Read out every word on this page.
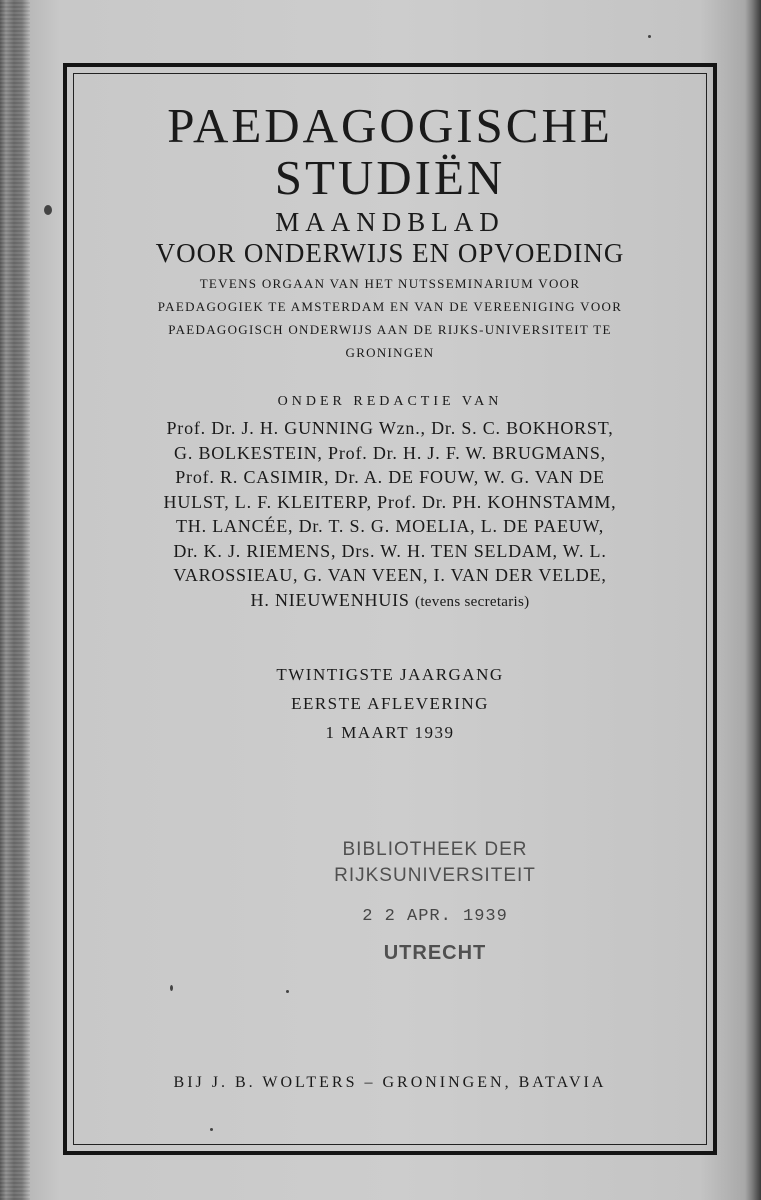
PAEDAGOGISCHE
STUDIËN
MAANDBLAD
VOOR ONDERWIJS EN OPVOEDING
TEVENS ORGAAN VAN HET NUTSSEMINARIUM VOOR
PAEDAGOGIEK TE AMSTERDAM EN VAN DE VEREENIGING VOOR
PAEDAGOGISCH ONDERWIJS AAN DE RIJKS-UNIVERSITEIT TE
GRONINGEN
ONDER REDACTIE VAN
Prof. Dr. J. H. GUNNING Wzn., Dr. S. C. BOKHORST,
G. BOLKESTEIN, Prof. Dr. H. J. F. W. BRUGMANS,
Prof. R. CASIMIR, Dr. A. DE FOUW, W. G. VAN DE
HULST, L. F. KLEITERP, Prof. Dr. PH. KOHNSTAMM,
TH. LANCÉE, Dr. T. S. G. MOELIA, L. DE PAEUW,
Dr. K. J. RIEMENS, Drs. W. H. TEN SELDAM, W. L.
VAROSSIEAU, G. VAN VEEN, I. VAN DER VELDE,
H. NIEUWENHUIS (tevens secretaris)
TWINTIGSTE JAARGANG
EERSTE AFLEVERING
1 MAART 1939
BIBLIOTHEEK DER
RIJKSUNIVERSITEIT
2 2 APR. 1939
UTRECHT
BIJ J. B. WOLTERS – GRONINGEN, BATAVIA
